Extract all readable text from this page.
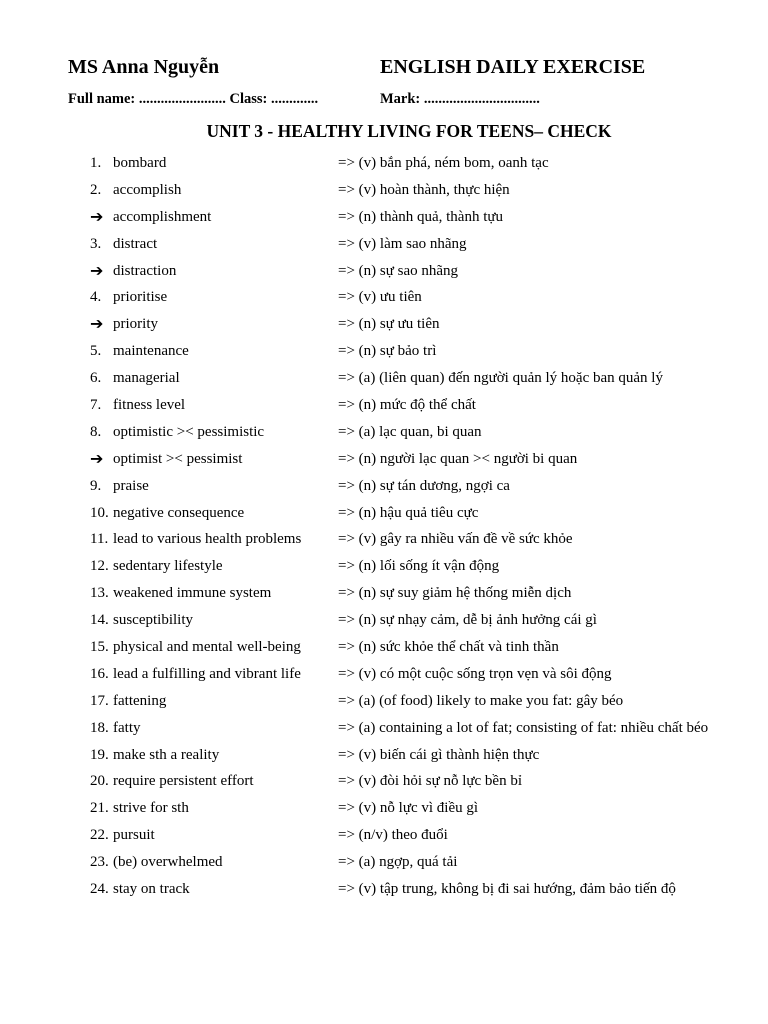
MS Anna Nguyễn	ENGLISH DAILY EXERCISE
Full name: ........................ Class: .............	Mark: ................................
UNIT 3 - HEALTHY LIVING FOR TEENS– CHECK
1. bombard	=> (v) bắn phá, ném bom, oanh tạc
2. accomplish	=> (v) hoàn thành, thực hiện
➔ accomplishment	=> (n) thành quả, thành tựu
3. distract	=> (v) làm sao nhãng
➔ distraction	=> (n) sự sao nhãng
4. prioritise	=> (v) ưu tiên
➔ priority	=> (n) sự ưu tiên
5. maintenance	=> (n) sự bảo trì
6. managerial	=> (a) (liên quan) đến người quản lý hoặc ban quản lý
7. fitness level	=> (n) mức độ thể chất
8. optimistic >< pessimistic	=> (a) lạc quan, bi quan
➔ optimist >< pessimist	=> (n) người lạc quan >< người bi quan
9. praise	=> (n) sự tán dương, ngợi ca
10. negative consequence	=> (n) hậu quả tiêu cực
11. lead to various health problems => (v) gây ra nhiều vấn đề về sức khỏe
12. sedentary lifestyle	=> (n) lối sống ít vận động
13. weakened immune system	=> (n) sự suy giảm hệ thống miễn dịch
14. susceptibility	=> (n) sự nhạy cảm, dễ bị ảnh hưởng cái gì
15. physical and mental well-being => (n) sức khỏe thể chất và tinh thần
16. lead a fulfilling and vibrant life => (v) có một cuộc sống trọn vẹn và sôi động
17. fattening	=> (a) (of food) likely to make you fat: gây béo
18. fatty	=> (a) containing a lot of fat; consisting of fat: nhiều chất béo
19. make sth a reality	=> (v) biến cái gì thành hiện thực
20. require persistent effort	=> (v) đòi hỏi sự nỗ lực bền bỉ
21. strive for sth	=> (v) nỗ lực vì điều gì
22. pursuit	=> (n/v) theo đuổi
23. (be) overwhelmed	=> (a) ngợp, quá tải
24. stay on track	=> (v) tập trung, không bị đi sai hướng, đảm bảo tiến độ
